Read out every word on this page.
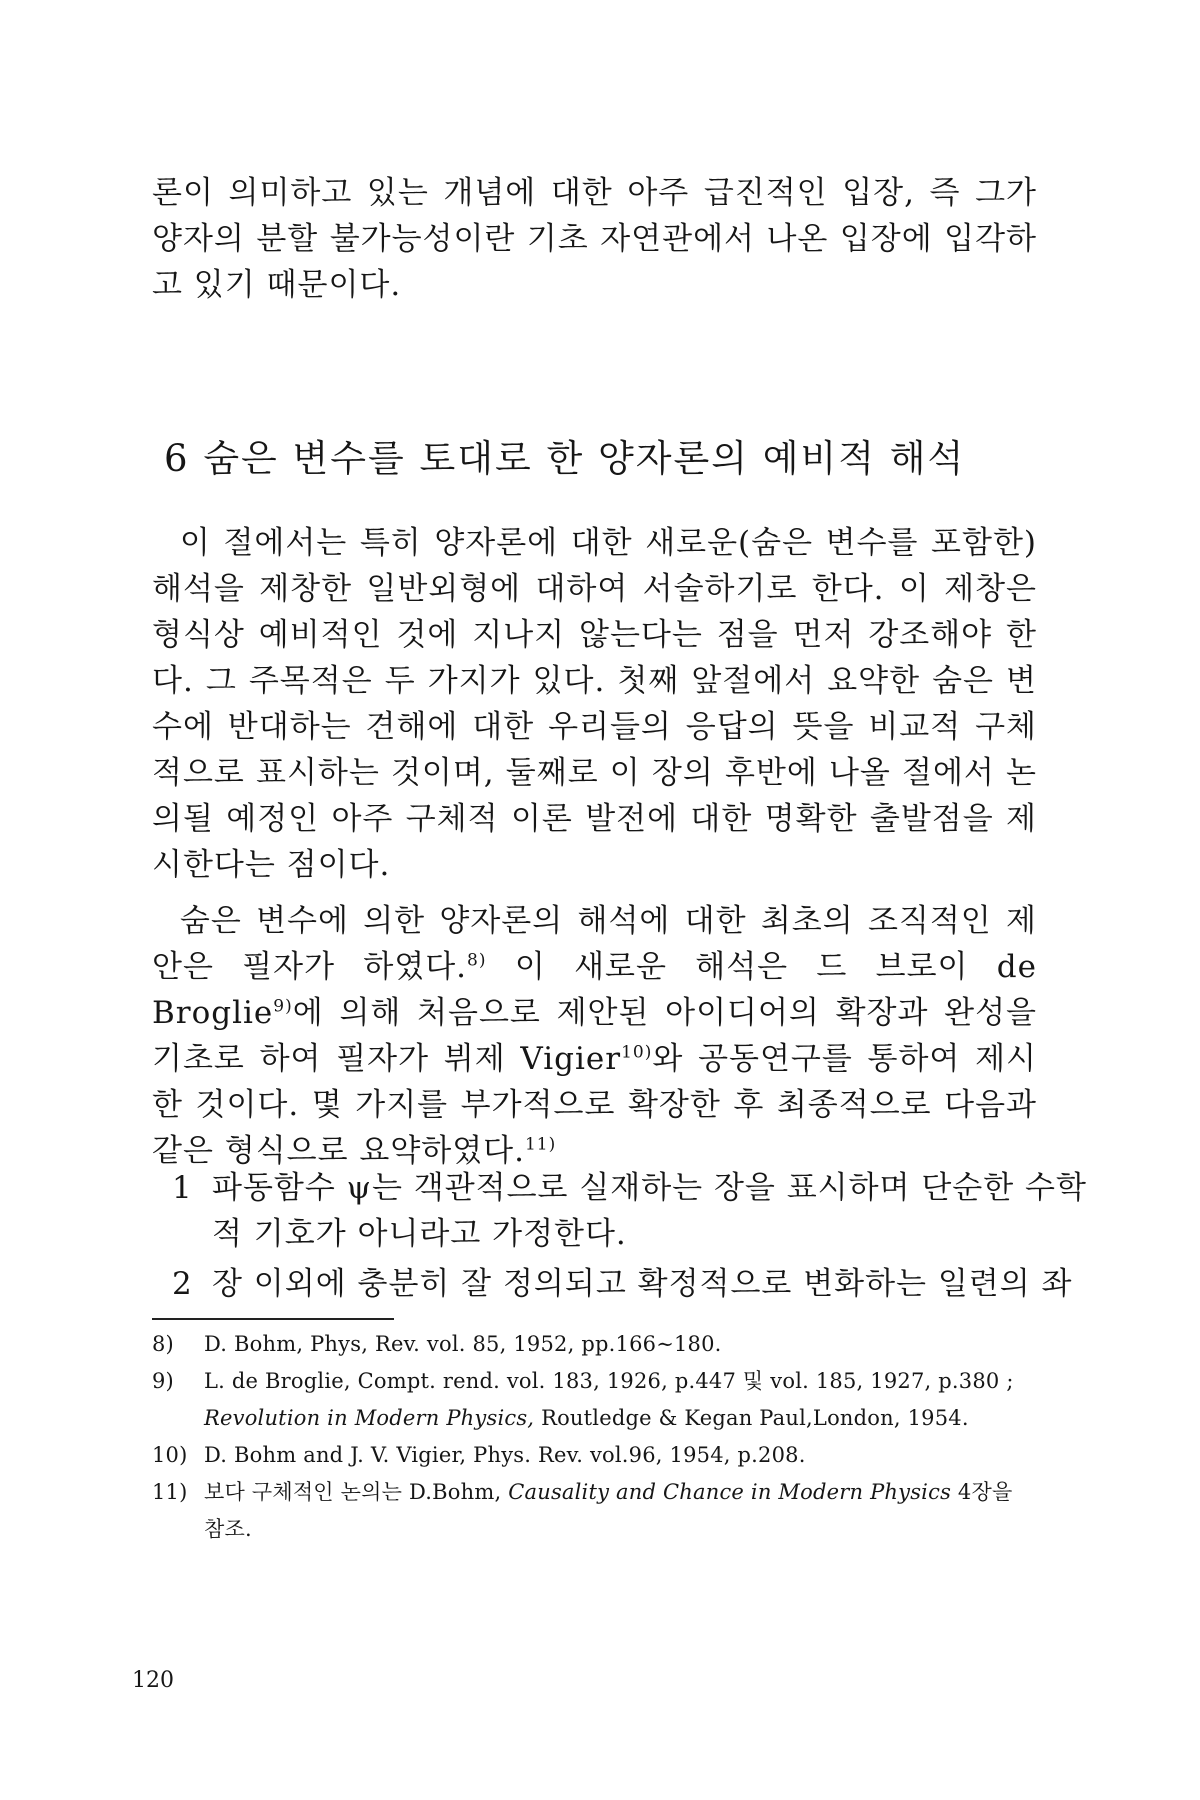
론이 의미하고 있는 개념에 대한 아주 급진적인 입장, 즉 그가 양자의 분할 불가능성이란 기초 자연관에서 나온 입장에 입각하고 있기 때문이다.

6 숨은 변수를 토대로 한 양자론의 예비적 해석

이 절에서는 특히 양자론에 대한 새로운(숨은 변수를 포함한) 해석을 제창한 일반외형에 대하여 서술하기로 한다. 이 제창은 형식상 예비적인 것에 지나지 않는다는 점을 먼저 강조해야 한다. 그 주목적은 두 가지가 있다. 첫째 앞절에서 요약한 숨은 변수에 반대하는 견해에 대한 우리들의 응답의 뜻을 비교적 구체적으로 표시하는 것이며, 둘째로 이 장의 후반에 나올 절에서 논의될 예정인 아주 구체적 이론 발전에 대한 명확한 출발점을 제시한다는 점이다.

숨은 변수에 의한 양자론의 해석에 대한 최초의 조직적인 제안은 필자가 하였다.$^{8)}$ 이 새로운 해석은 드 브로이 de Broglie$^{9)}$에 의해 처음으로 제안된 아이디어의 확장과 완성을 기초로 하여 필자가 뷔제 Vigier$^{10)}$와 공동연구를 통하여 제시한 것이다. 몇 가지를 부가적으로 확장한 후 최종적으로 다음과 같은 형식으로 요약하였다.$^{11)}$

1 파동함수 ψ는 객관적으로 실재하는 장을 표시하며 단순한 수학
적 기호가 아니라고 가정한다.
2 장 이외에 충분히 잘 정의되고 확정적으로 변화하는 일련의 좌
8) D. Bohm, Phys, Rev. vol. 85, 1952, pp.166∼180.
9) L. de Broglie, Compt. rend. vol. 183, 1926, p.447 및 vol. 185, 1927, p.380 ; Revolution in Modern Physics, Routledge & Kegan Paul,London, 1954.
10) D. Bohm and J. V. Vigier, Phys. Rev. vol.96, 1954, p.208.
11) 보다 구체적인 논의는 D.Bohm, Causality and Chance in Modern Physics 4장을 참조.
120
